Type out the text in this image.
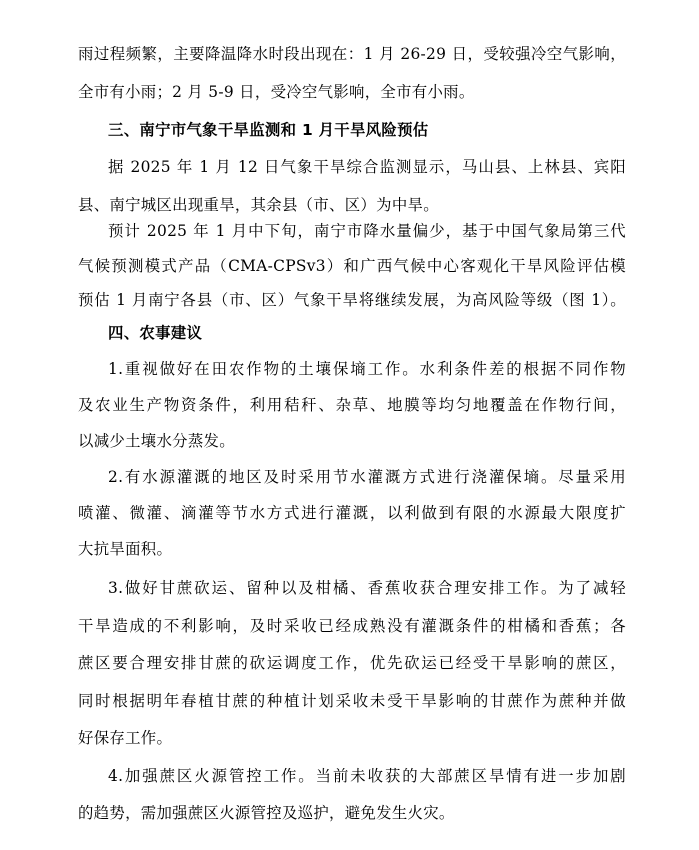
雨过程频繁，主要降温降水时段出现在：1 月 26-29 日，受较强冷空气影响，
全市有小雨；2 月 5-9 日，受冷空气影响，全市有小雨。
三、南宁市气象干旱监测和 1 月干旱风险预估
据 2025 年 1 月 12 日气象干旱综合监测显示，马山县、上林县、宾阳
县、南宁城区出现重旱，其余县（市、区）为中旱。
预计 2025 年 1 月中下旬，南宁市降水量偏少，基于中国气象局第三代
气候预测模式产品（CMA-CPSv3）和广西气候中心客观化干旱风险评估模
预估 1 月南宁各县（市、区）气象干旱将继续发展，为高风险等级（图 1）。
四、农事建议
1.重视做好在田农作物的土壤保墒工作。水利条件差的根据不同作物
及农业生产物资条件，利用秸秆、杂草、地膜等均匀地覆盖在作物行间，
以减少土壤水分蒸发。
2.有水源灌溉的地区及时采用节水灌溉方式进行浇灌保墒。尽量采用
喷灌、微灌、滴灌等节水方式进行灌溉，以利做到有限的水源最大限度扩
大抗旱面积。
3.做好甘蔗砍运、留种以及柑橘、香蕉收获合理安排工作。为了减轻
干旱造成的不利影响，及时采收已经成熟没有灌溉条件的柑橘和香蕉；各
蔗区要合理安排甘蔗的砍运调度工作，优先砍运已经受干旱影响的蔗区，
同时根据明年春植甘蔗的种植计划采收未受干旱影响的甘蔗作为蔗种并做
好保存工作。
4.加强蔗区火源管控工作。当前未收获的大部蔗区旱情有进一步加剧
的趋势，需加强蔗区火源管控及巡护，避免发生火灾。
